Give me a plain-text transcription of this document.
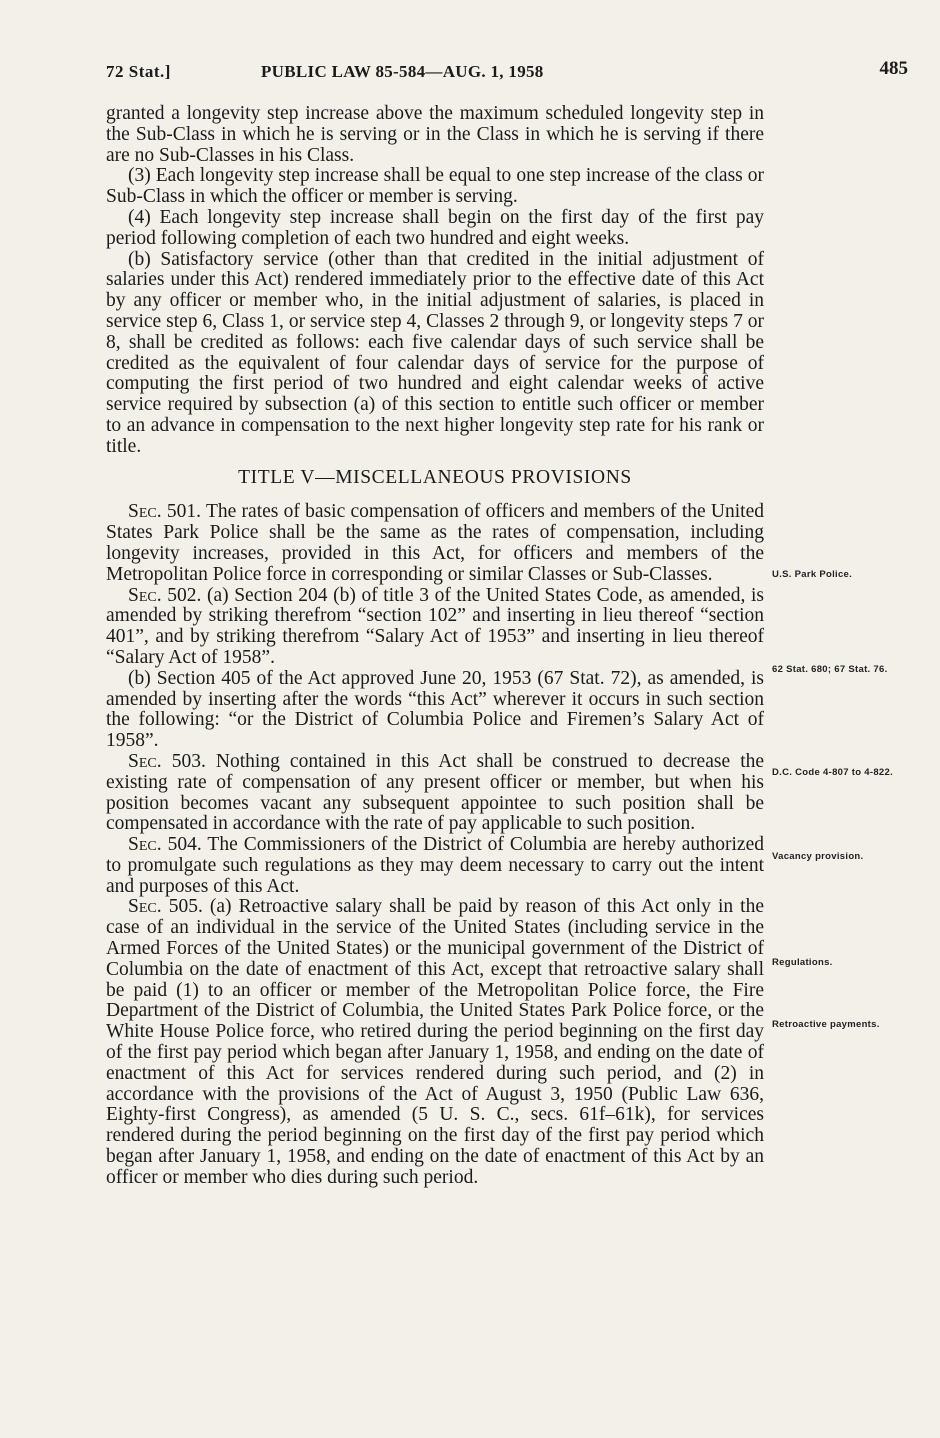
72 Stat.]	PUBLIC LAW 85-584—AUG. 1, 1958	485

granted a longevity step increase above the maximum scheduled longevity step in the Sub-Class in which he is serving or in the Class in which he is serving if there are no Sub-Classes in his Class.

(3) Each longevity step increase shall be equal to one step increase of the class or Sub-Class in which the officer or member is serving.

(4) Each longevity step increase shall begin on the first day of the first pay period following completion of each two hundred and eight weeks.

(b) Satisfactory service (other than that credited in the initial adjustment of salaries under this Act) rendered immediately prior to the effective date of this Act by any officer or member who, in the initial adjustment of salaries, is placed in service step 6, Class 1, or service step 4, Classes 2 through 9, or longevity steps 7 or 8, shall be credited as follows: each five calendar days of such service shall be credited as the equivalent of four calendar days of service for the purpose of computing the first period of two hundred and eight calendar weeks of active service required by subsection (a) of this section to entitle such officer or member to an advance in compensation to the next higher longevity step rate for his rank or title.

TITLE V—MISCELLANEOUS PROVISIONS

Sec. 501. The rates of basic compensation of officers and members of the United States Park Police shall be the same as the rates of compensation, including longevity increases, provided in this Act, for officers and members of the Metropolitan Police force in corresponding or similar Classes or Sub-Classes.

Sec. 502. (a) Section 204 (b) of title 3 of the United States Code, as amended, is amended by striking therefrom “section 102” and inserting in lieu thereof “section 401”, and by striking therefrom “Salary Act of 1953” and inserting in lieu thereof “Salary Act of 1958”.

(b) Section 405 of the Act approved June 20, 1953 (67 Stat. 72), as amended, is amended by inserting after the words “this Act” wherever it occurs in such section the following: “or the District of Columbia Police and Firemen’s Salary Act of 1958”.

Sec. 503. Nothing contained in this Act shall be construed to decrease the existing rate of compensation of any present officer or member, but when his position becomes vacant any subsequent appointee to such position shall be compensated in accordance with the rate of pay applicable to such position.

Sec. 504. The Commissioners of the District of Columbia are hereby authorized to promulgate such regulations as they may deem necessary to carry out the intent and purposes of this Act.

Sec. 505. (a) Retroactive salary shall be paid by reason of this Act only in the case of an individual in the service of the United States (including service in the Armed Forces of the United States) or the municipal government of the District of Columbia on the date of enactment of this Act, except that retroactive salary shall be paid (1) to an officer or member of the Metropolitan Police force, the Fire Department of the District of Columbia, the United States Park Police force, or the White House Police force, who retired during the period beginning on the first day of the first pay period which began after January 1, 1958, and ending on the date of enactment of this Act for services rendered during such period, and (2) in accordance with the provisions of the Act of August 3, 1950 (Public Law 636, Eighty-first Congress), as amended (5 U. S. C., secs. 61f–61k), for services rendered during the period beginning on the first day of the first pay period which began after January 1, 1958, and ending on the date of enactment of this Act by an officer or member who dies during such period.

U.S. Park Police.
62 Stat. 680; 67 Stat. 76.
D.C. Code 4-807 to 4-822.
Vacancy provision.
Regulations.
Retroactive payments.
